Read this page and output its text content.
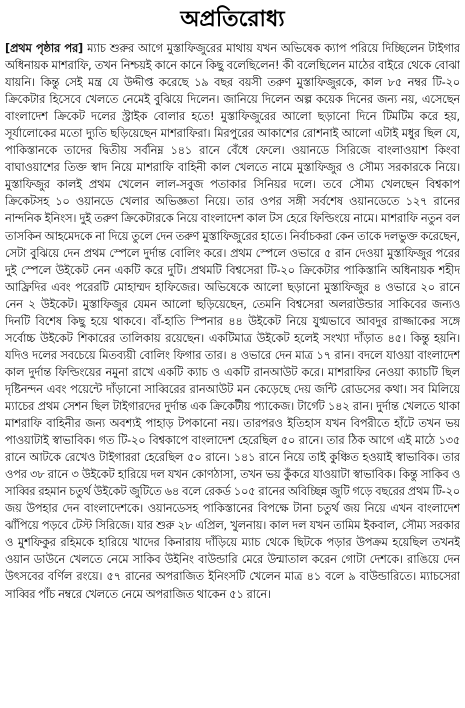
অপ্রতিরোধ্য
[প্রথম পৃষ্ঠার পর] ম্যাচ শুরুর আগে মুস্তাফিজুরের মাথায় যখন অভিষেক ক্যাপ পরিয়ে দিচ্ছিলেন টাইগার অধিনায়ক মাশরাফি, তখন নিশ্চয়ই কানে কানে কিছু বলেছিলেন! কী বলেছিলেন মাঠের বাইরে থেকে বোঝা যায়নি। কিন্তু সেই মন্ত্র যে উদ্দীপ্ত করেছে ১৯ বছর বয়সী তরুণ মুস্তাফিজুরকে, কাল ৮৫ নম্বর টি-২০ ক্রিকেটার হিসেবে খেলতে নেমেই বুঝিয়ে দিলেন। জানিয়ে দিলেন অল্প কয়েক দিনের জন্য নয়, এসেছেন বাংলাদেশ ক্রিকেট দলের স্ট্রাইক বোলার হতে! মুস্তাফিজুরের আলো ছড়ানো দিনে টিমটিম করে হয়, সূর্যালোকের মতো দ্যুতি ছড়িয়েছেন মাশরাফিরা। মিরপুরের আকাশের রোশনাই আলো এটাই মধুর ছিল যে, পাকিস্তানকে তাদের দ্বিতীয় সর্বনিম্ন ১৪১ রানে বেঁধে ফেলে। ওয়ানডে সিরিজে বাংলাওয়াশ কিংবা বাঘাওয়াশের তিক্ত স্বাদ নিয়ে মাশরাফি বাহিনী কাল খেলতে নামে মুস্তাফিজুর ও সৌম্য সরকারকে নিয়ে। মুস্তাফিজুর কালই প্রথম খেলেন লাল-সবুজ পতাকার সিনিয়র দলে। তবে সৌম্য খেলছেন বিশ্বকাপ ক্রিকেটসহ ১০ ওয়ানডে খেলার অভিজ্ঞতা নিয়ে। তার ওপর সঙ্গী সর্বশেষ ওয়ানডেতে ১২৭ রানের নান্দনিক ইনিংস। দুই তরুণ ক্রিকেটারকে নিয়ে বাংলাদেশ কাল টস হেরে ফিল্ডিংয়ে নামে। মাশরাফি নতুন বল তাসকিন আহমেদকে না দিয়ে তুলে দেন তরুণ মুস্তাফিজুরের হাতে। নির্বাচকরা কেন তাকে দলভুক্ত করেছেন, সেটা বুঝিয়ে দেন প্রথম স্পেলে দুর্দান্ত বোলিং করে। প্রথম স্পেলে ওভারে ৫ রান দেওয়া মুস্তাফিজুর পরের দুই স্পেলে উইকেট নেন একটি করে দুটি। প্রথমটি বিশ্বসেরা টি-২০ ক্রিকেটার পাকিস্তানি অধিনায়ক শহীদ আফ্রিদির এবং পরেরটি মোহাম্মদ হাফিজের। অভিষেকে আলো ছড়ানো মুস্তাফিজুর ৪ ওভারে ২০ রানে নেন ২ উইকেট। মুস্তাফিজুর যেমন আলো ছড়িয়েছেন, তেমনি বিশ্বসেরা অলরাউন্ডার সাকিবের জন্যও দিনটি বিশেষ কিছু হয়ে থাকবে। বাঁ-হাতি স্পিনার ৪৪ উইকেট নিয়ে যুগ্মভাবে আবদুর রাজ্জাকের সঙ্গে সর্বোচ্চ উইকেট শিকারের তালিকায় রয়েছেন। একটিমাত্র উইকেট হলেই সংখ্যা দাঁড়াত ৪৫। কিন্তু হয়নি। যদিও দলের সবচেয়ে মিতব্যয়ী বোলিং ফিগার তার। ৪ ওভারে দেন মাত্র ১৭ রান। বদলে যাওয়া বাংলাদেশ কাল দুর্দান্ত ফিল্ডিংয়ের নমুনা রাখে একটি ক্যাচ ও একটি রানআউট করে। মাশরাফির নেওয়া ক্যাচটি ছিল দৃষ্টিনন্দন এবং পয়েন্টে দাঁড়ানো সাব্বিরের রানআউট মন কেড়েছে দেয় জন্টি রোডসের কথা। সব মিলিয়ে ম্যাচের প্রথম সেশন ছিল টাইগারদের দুর্দান্ত এক ক্রিকেটীয় প্যাকেজ। টার্গেট ১৪২ রান। দুর্দান্ত খেলতে থাকা মাশরাফি বাহিনীর জন্য অবশ্যই পাহাড় টপকানো নয়। তারপরও ইতিহাস যখন বিপরীতে হাঁটে তখন ভয় পাওয়াটাই স্বাভাবিক। গত টি-২০ বিশ্বকাপে বাংলাদেশ হেরেছিল ৫০ রানে। তার ঠিক আগে এই মাঠে ১৩৫ রানে আটকে রেখেও টাইগাররা হেরেছিল ৫০ রানে। ১৪১ রানে নিয়ে তাই কুঞ্চিত হওয়াই স্বাভাবিক। তার ওপর ৩৮ রানে ৩ উইকেট হারিয়ে দল যখন কোণঠাসা, তখন ভয় কুঁকরে যাওয়াটা স্বাভাবিক। কিন্তু সাকিব ও সাব্বির রহমান চতুর্থ উইকেট জুটিতে ৬৪ বলে রেকর্ড ১০৫ রানের অবিচ্ছিন্ন জুটি গড়ে বছরের প্রথম টি-২০ জয় উপহার দেন বাংলাদেশকে। ওয়ানডেসহ পাকিস্তানের বিপক্ষে টানা চতুর্থ জয় নিয়ে এখন বাংলাদেশ ঝাঁপিয়ে পড়বে টেস্ট সিরিজে। যার শুরু ২৮ এপ্রিল, খুলনায়। কাল দল যখন তামিম ইকবাল, সৌম্য সরকার ও মুশফিকুর রহিমকে হারিয়ে খাদের কিনারায় দাঁড়িয়ে ম্যাচ থেকে ছিটকে পড়ার উপক্রম হয়েছিল তখনই ওয়ান ডাউনে খেলতে নেমে সাকিব উইনিং বাউন্ডারি মেরে উন্মাতাল করেন গোটা দেশকে। রাঙিয়ে দেন উৎসবের বর্ণিল রংয়ে। ৫৭ রানের অপরাজিত ইনিংসটি খেলেন মাত্র ৪১ বলে ৯ বাউন্ডারিতে। ম্যাচসেরা সাব্বির পাঁচ নম্বরে খেলতে নেমে অপরাজিত থাকেন ৫১ রানে।
